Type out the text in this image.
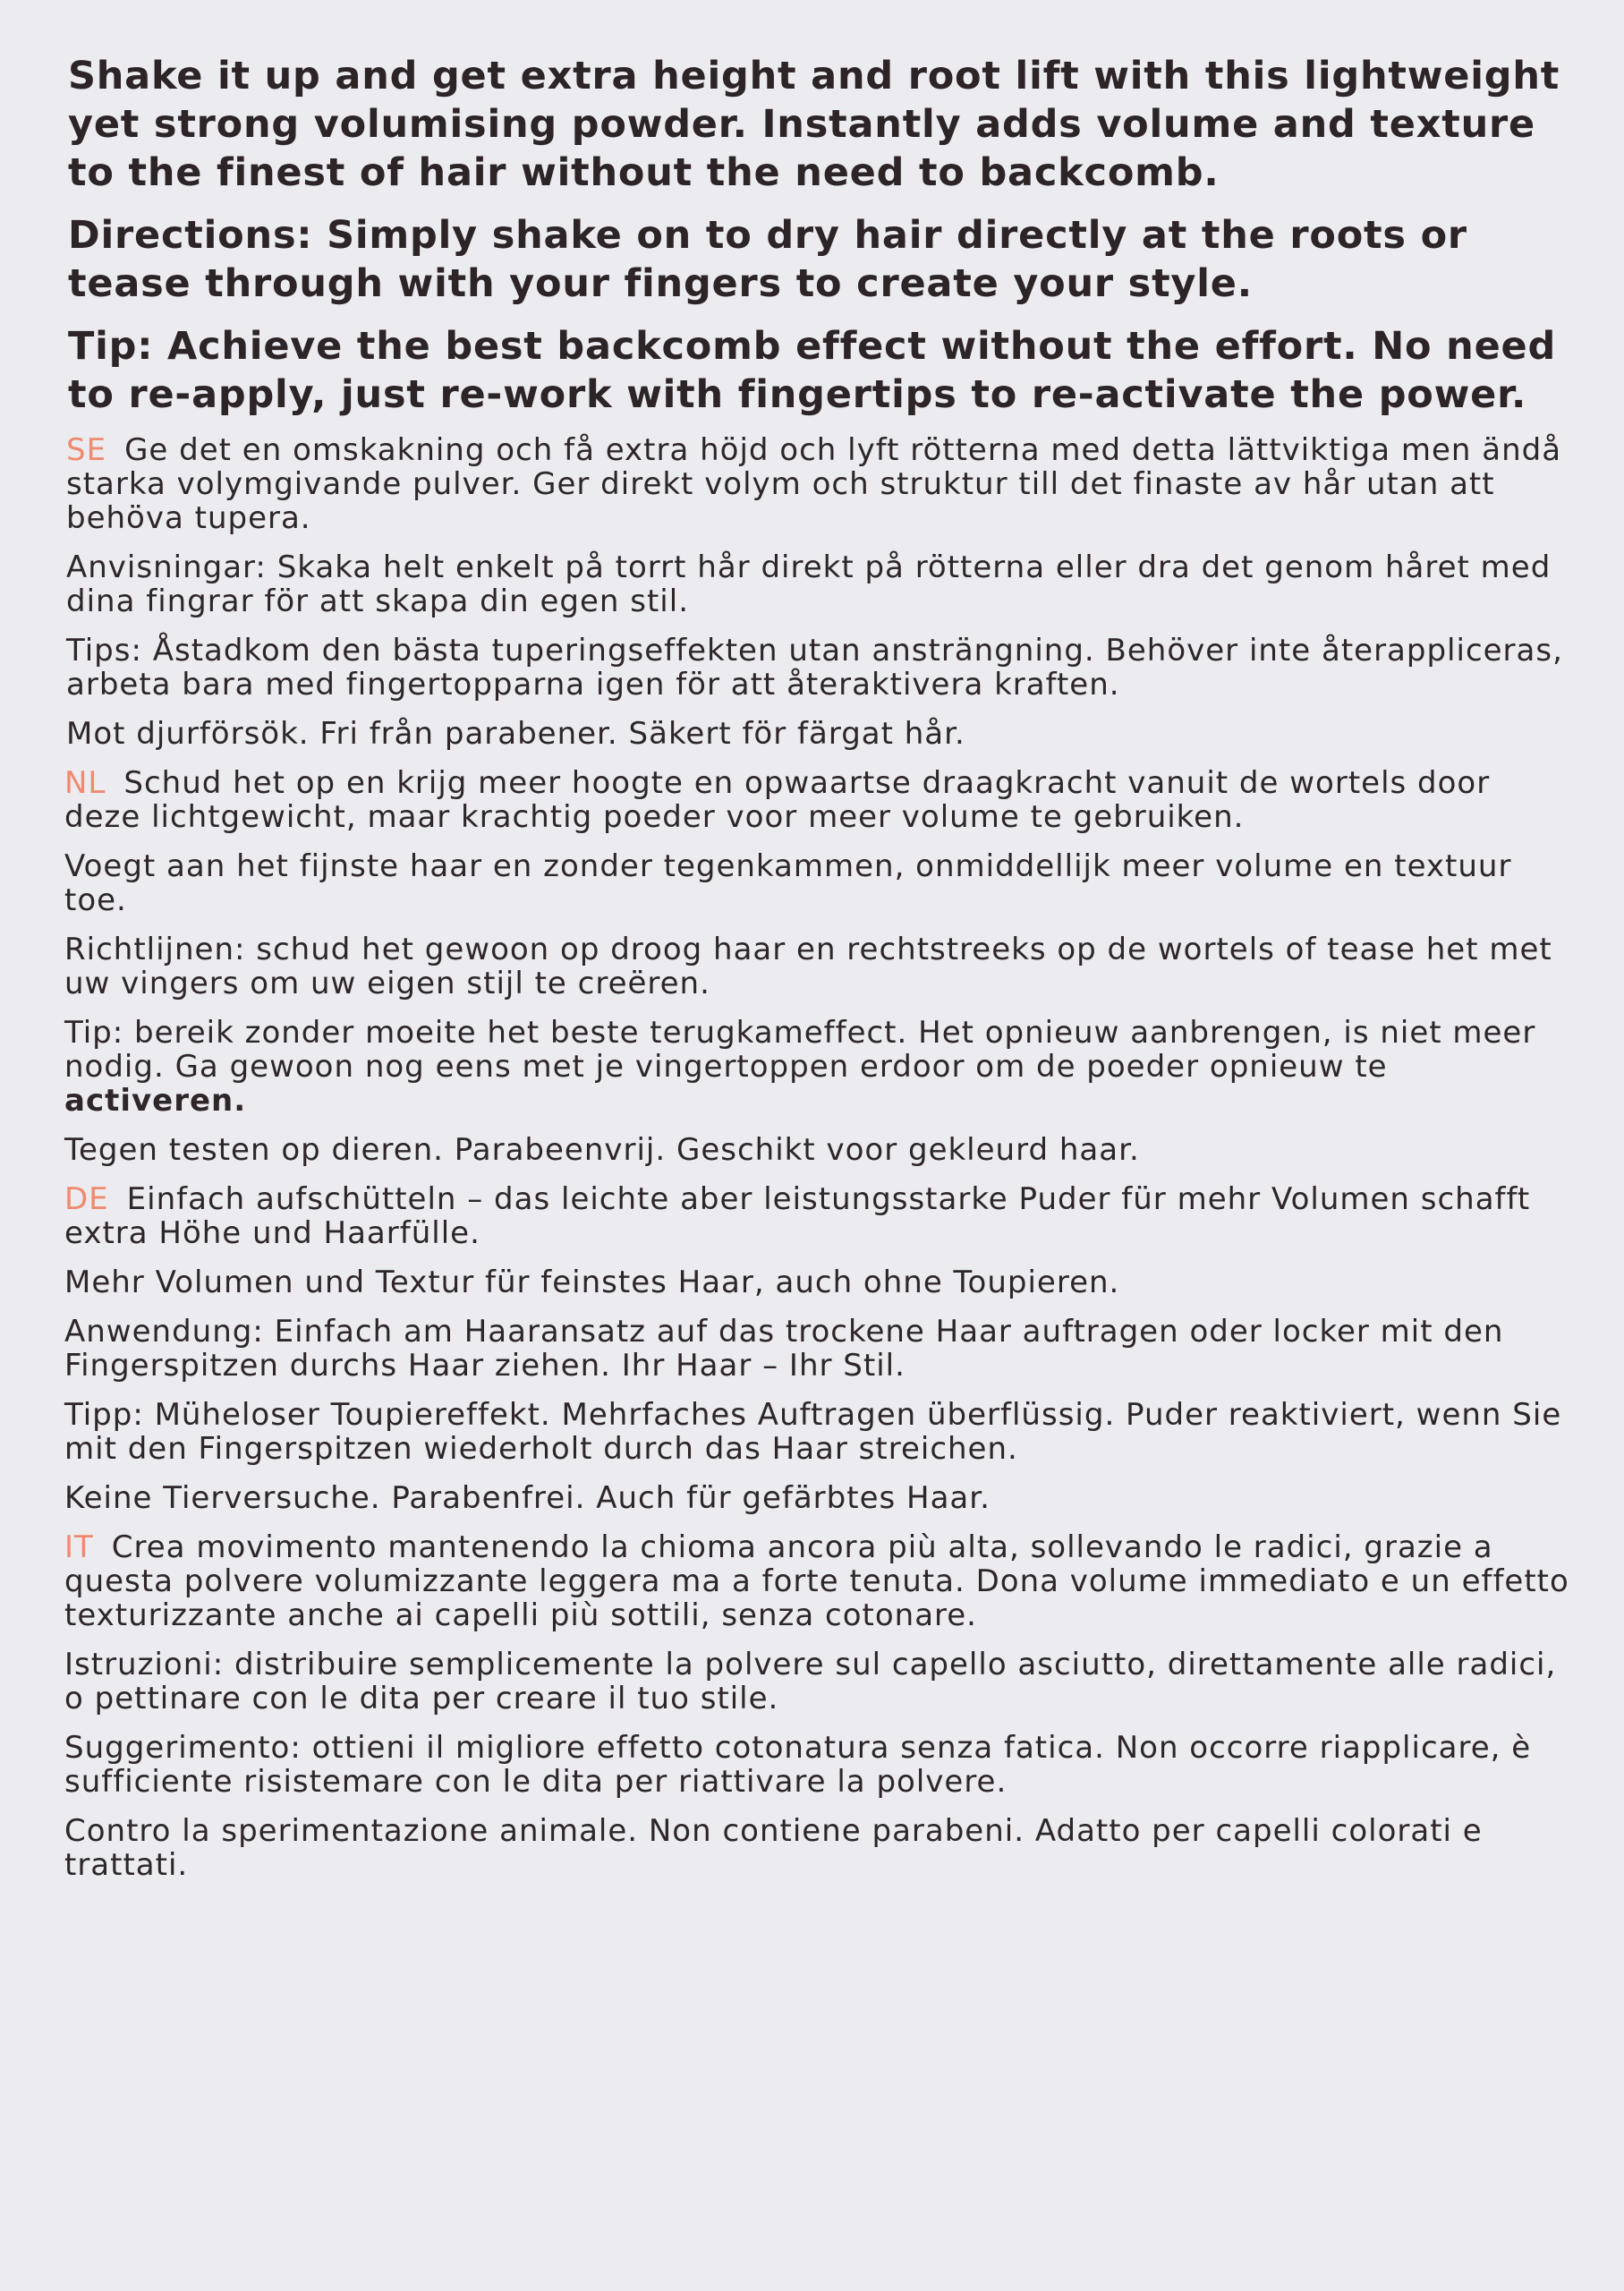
Shake it up and get extra height and root lift with this lightweight yet strong volumising powder. Instantly adds volume and texture to the finest of hair without the need to backcomb.

Directions: Simply shake on to dry hair directly at the roots or tease through with your fingers to create your style.

Tip: Achieve the best backcomb effect without the effort. No need to re-apply, just re-work with fingertips to re-activate the power.

SE Ge det en omskakning och få extra höjd och lyft rötterna med detta lättviktiga men ändå starka volymgivande pulver. Ger direkt volym och struktur till det finaste av hår utan att behöva tupera.

Anvisningar: Skaka helt enkelt på torrt hår direkt på rötterna eller dra det genom håret med dina fingrar för att skapa din egen stil.

Tips: Åstadkom den bästa tuperingseffekten utan ansträngning. Behöver inte återappliceras, arbeta bara med fingertopparna igen för att återaktivera kraften.

Mot djurförsök. Fri från parabener. Säkert för färgat hår.

NL Schud het op en krijg meer hoogte en opwaartse draagkracht vanuit de wortels door deze lichtgewicht, maar krachtig poeder voor meer volume te gebruiken.

Voegt aan het fijnste haar en zonder tegenkammen, onmiddellijk meer volume en textuur toe.

Richtlijnen: schud het gewoon op droog haar en rechtstreeks op de wortels of tease het met uw vingers om uw eigen stijl te creëren.

Tip: bereik zonder moeite het beste terugkameffect. Het opnieuw aanbrengen, is niet meer nodig. Ga gewoon nog eens met je vingertoppen erdoor om de poeder opnieuw te activeren.

Tegen testen op dieren. Parabeenvrij. Geschikt voor gekleurd haar.

DE Einfach aufschütteln – das leichte aber leistungsstarke Puder für mehr Volumen schafft extra Höhe und Haarfülle.

Mehr Volumen und Textur für feinstes Haar, auch ohne Toupieren.

Anwendung: Einfach am Haaransatz auf das trockene Haar auftragen oder locker mit den Fingerspitzen durchs Haar ziehen. Ihr Haar – Ihr Stil.

Tipp: Müheloser Toupiereffekt. Mehrfaches Auftragen überflüssig. Puder reaktiviert, wenn Sie mit den Fingerspitzen wiederholt durch das Haar streichen.

Keine Tierversuche. Parabenfrei. Auch für gefärbtes Haar.

IT Crea movimento mantenendo la chioma ancora più alta, sollevando le radici, grazie a questa polvere volumizzante leggera ma a forte tenuta. Dona volume immediato e un effetto texturizzante anche ai capelli più sottili, senza cotonare.

Istruzioni: distribuire semplicemente la polvere sul capello asciutto, direttamente alle radici, o pettinare con le dita per creare il tuo stile.

Suggerimento: ottieni il migliore effetto cotonatura senza fatica. Non occorre riapplicare, è sufficiente risistemare con le dita per riattivare la polvere.

Contro la sperimentazione animale. Non contiene parabeni. Adatto per capelli colorati e trattati.
